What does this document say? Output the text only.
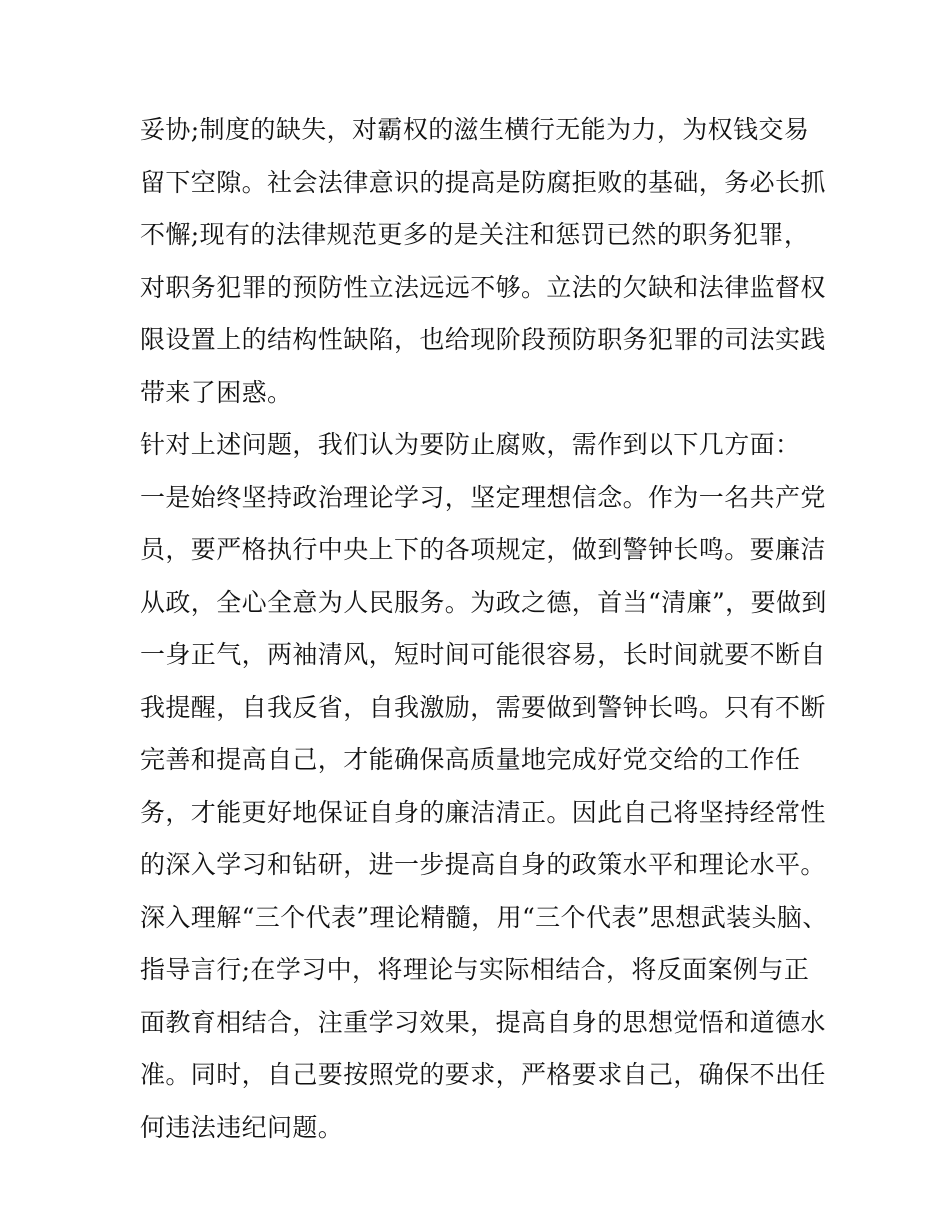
妥协;制度的缺失，对霸权的滋生横行无能为力，为权钱交易
留下空隙。社会法律意识的提高是防腐拒败的基础，务必长抓
不懈;现有的法律规范更多的是关注和惩罚已然的职务犯罪，
对职务犯罪的预防性立法远远不够。立法的欠缺和法律监督权
限设置上的结构性缺陷，也给现阶段预防职务犯罪的司法实践
带来了困惑。
针对上述问题，我们认为要防止腐败，需作到以下几方面：
一是始终坚持政治理论学习，坚定理想信念。作为一名共产党
员，要严格执行中央上下的各项规定，做到警钟长鸣。要廉洁
从政，全心全意为人民服务。为政之德，首当“清廉”，要做到
一身正气，两袖清风，短时间可能很容易，长时间就要不断自
我提醒，自我反省，自我激励，需要做到警钟长鸣。只有不断
完善和提高自己，才能确保高质量地完成好党交给的工作任
务，才能更好地保证自身的廉洁清正。因此自己将坚持经常性
的深入学习和钻研，进一步提高自身的政策水平和理论水平。
深入理解“三个代表”理论精髓，用“三个代表”思想武装头脑、
指导言行;在学习中，将理论与实际相结合，将反面案例与正
面教育相结合，注重学习效果，提高自身的思想觉悟和道德水
准。同时，自己要按照党的要求，严格要求自己，确保不出任
何违法违纪问题。
